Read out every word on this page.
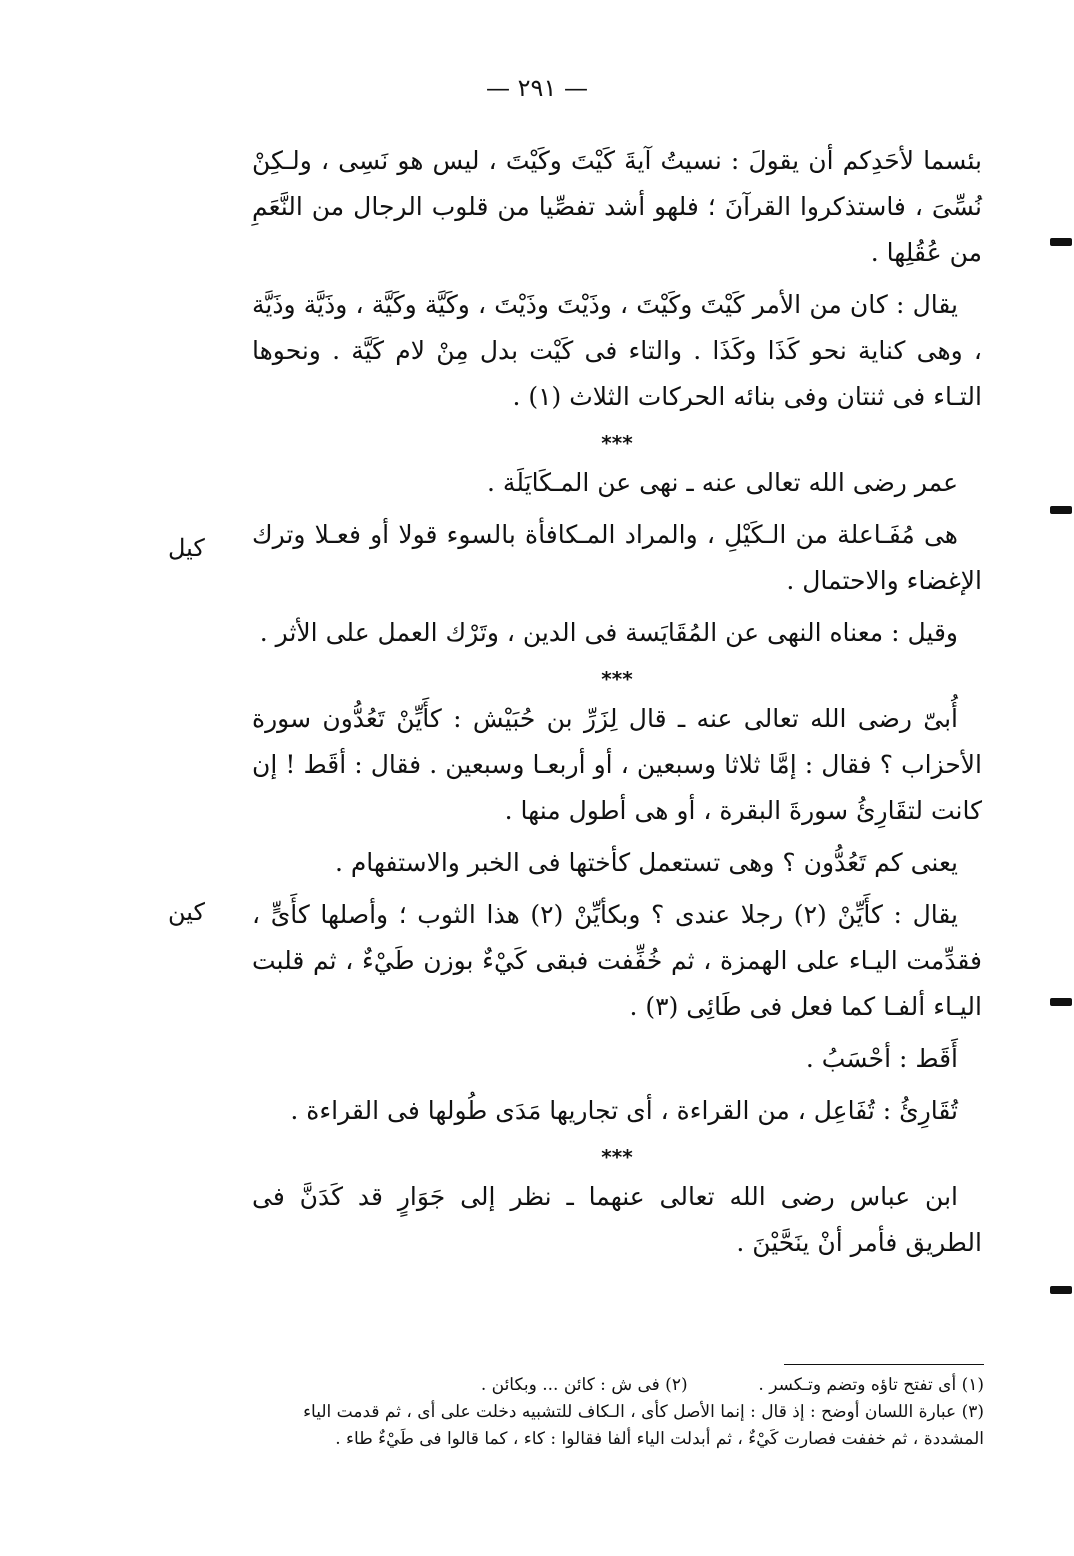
— ٢٩١ —
كيل
كين

بئسما لأحَدِكم أن يقولَ : نسيتُ آيةَ كَيْتَ وكَيْتَ ، ليس هو نَسِى ، ولـكِنْ نُسِّىَ ، فاستذكروا القرآنَ ؛ فلهو أشد تفصِّيا من قلوب الرجال من النَّعَمِ من عُقُلِها .

يقال : كان من الأمر كَيْتَ وكَيْتَ ، وذَيْتَ وذَيْتَ ، وكَيَّة وكَيَّة ، وذَيَّة وذَيَّة ، وهى كناية نحو كَذَا وكَذَا . والتاء فى كَيْت بدل مِنْ لام كَيَّة . ونحوها التـاء فى ثنتان وفى بنائه الحركات الثلاث (١) .

***

عمر رضى الله تعالى عنه ـ نهى عن المـكَايَلَة .

هى مُفَـاعلة من الـكَيْلِ ، والمراد المـكافأة بالسوء قولا أو فعـلا وترك الإغضاء والاحتمال .

وقيل : معناه النهى عن المُقَايَسة فى الدين ، وتَرْك العمل على الأثر .

***

أُبىّ رضى الله تعالى عنه ـ قال لِزَرِّ بن حُبَيْش : كأَيِّنْ تَعُدُّون سورة الأحزاب ؟ فقال : إمَّا ثلاثا وسبعين ، أو أربعـا وسبعين . فقال : أقَط ! إن كانت لتقَارِئُ سورةَ البقرة ، أو هى أطول منها .

يعنى كم تَعُدُّون ؟ وهى تستعمل كأختها فى الخبر والاستفهام .

يقال : كأَيِّنْ (٢) رجلا عندى ؟ وبكأيِّنْ (٢) هذا الثوب ؛ وأصلها كأَىٍّ ، فقدِّمت اليـاء على الهمزة ، ثم خُفِّفت فبقى كَيْءٌ بوزن طَيْءٌ ، ثم قلبت اليـاء ألفـا كما فعل فى طَائِى (٣) .

أَقَط : أحْسَبُ .

تُقَارِئُ : تُفَاعِل ، من القراءة ، أى تجاريها مَدَى طُولها فى القراءة .

***

ابن عباس رضى الله تعالى عنهما ـ نظر إلى جَوَارٍ قد كَدَنَّ فى الطريق فأمر أنْ ينَحَّيْنَ .

(١) أى تفتح تاؤه وتضم وتـكسر .  (٢) فى ش : كائن ... وبكائن .

(٣) عبارة اللسان أوضح : إذ قال : إنما الأصل كأى ، الـكاف للتشبيه دخلت على أى ، ثم قدمت الياء المشددة ، ثم خففت فصارت كَيْءٌ ، ثم أبدلت الياء ألفا فقالوا : كاء ، كما قالوا فى طَيْءٌ طاء .
